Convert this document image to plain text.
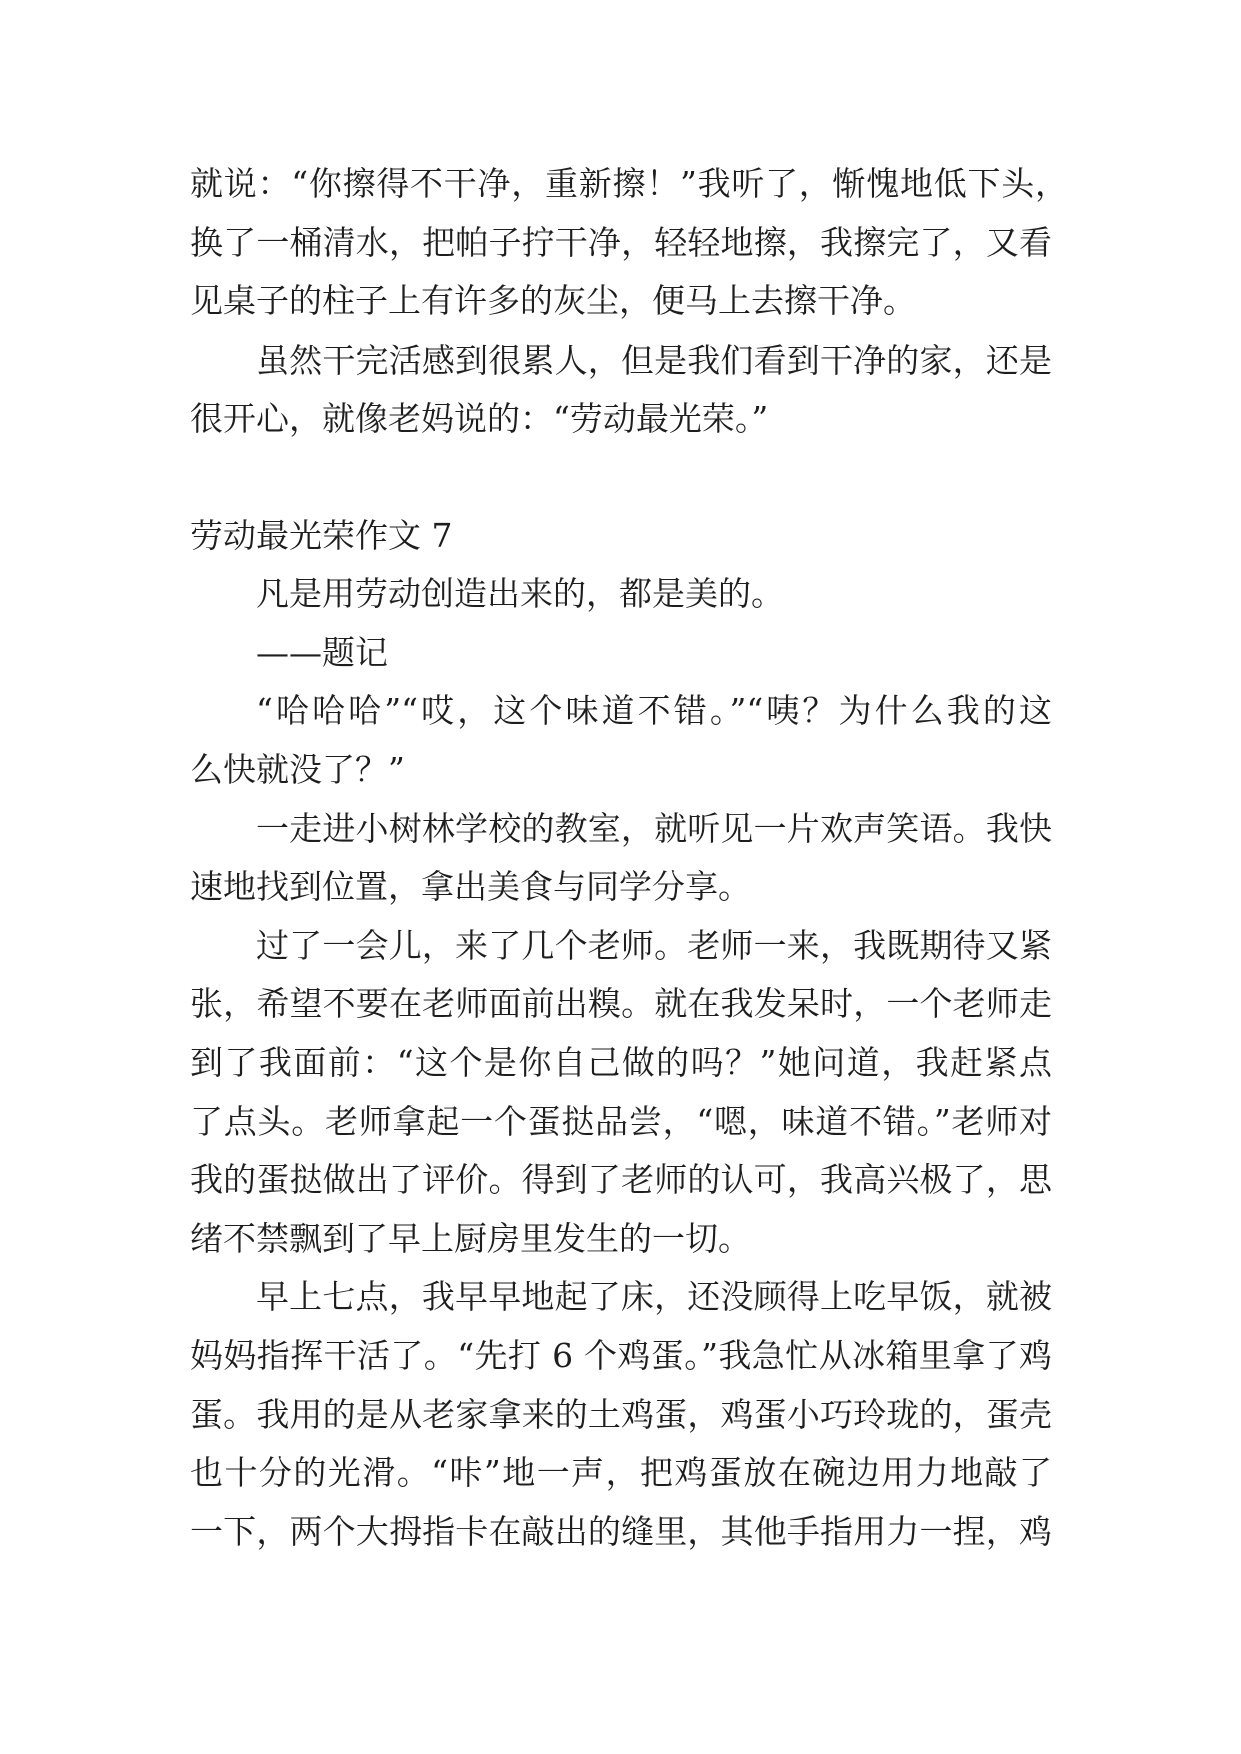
就说：“你擦得不干净，重新擦！”我听了，惭愧地低下头，
换了一桶清水，把帕子拧干净，轻轻地擦，我擦完了，又看
见桌子的柱子上有许多的灰尘，便马上去擦干净。
虽然干完活感到很累人，但是我们看到干净的家，还是
很开心，就像老妈说的：“劳动最光荣。”
劳动最光荣作文 7
凡是用劳动创造出来的，都是美的。
——题记
“哈哈哈”“哎，这个味道不错。”“咦？为什么我的这
么快就没了？”
一走进小树林学校的教室，就听见一片欢声笑语。我快
速地找到位置，拿出美食与同学分享。
过了一会儿，来了几个老师。老师一来，我既期待又紧
张，希望不要在老师面前出糗。就在我发呆时，一个老师走
到了我面前：“这个是你自己做的吗？”她问道，我赶紧点
了点头。老师拿起一个蛋挞品尝，“嗯，味道不错。”老师对
我的蛋挞做出了评价。得到了老师的认可，我高兴极了，思
绪不禁飘到了早上厨房里发生的一切。
早上七点，我早早地起了床，还没顾得上吃早饭，就被
妈妈指挥干活了。“先打 6 个鸡蛋。”我急忙从冰箱里拿了鸡
蛋。我用的是从老家拿来的土鸡蛋，鸡蛋小巧玲珑的，蛋壳
也十分的光滑。“咔”地一声，把鸡蛋放在碗边用力地敲了
一下，两个大拇指卡在敲出的缝里，其他手指用力一捏，鸡
